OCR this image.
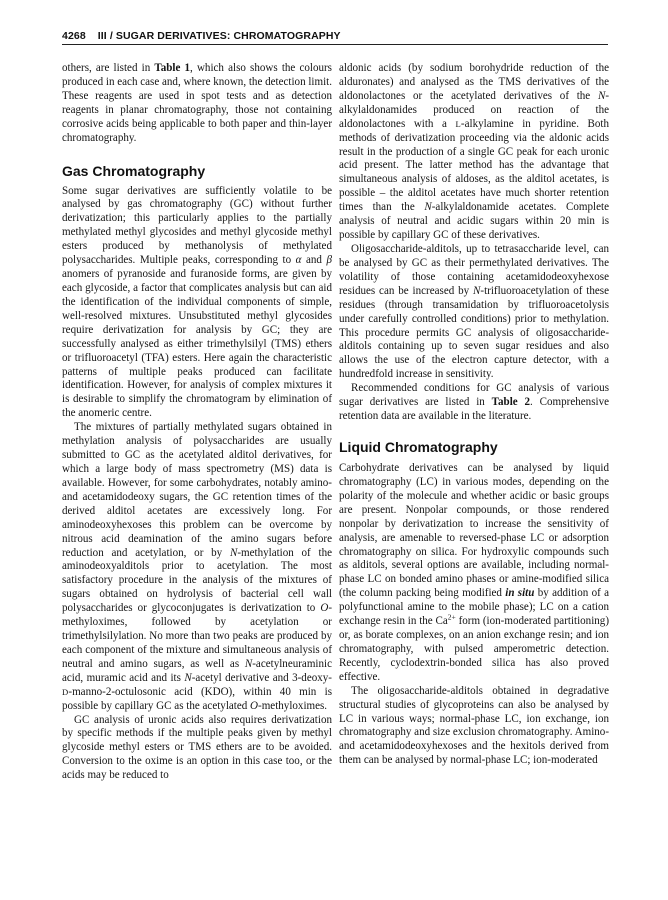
4268 III / SUGAR DERIVATIVES: CHROMATOGRAPHY

others, are listed in Table 1, which also shows the colours produced in each case and, where known, the detection limit. These reagents are used in spot tests and as detection reagents in planar chromatography, those not containing corrosive acids being applicable to both paper and thin-layer chromatography.

Gas Chromatography

Some sugar derivatives are sufficiently volatile to be analysed by gas chromatography (GC) without further derivatization; this particularly applies to the partially methylated methyl glycosides and methyl glycoside methyl esters produced by methanolysis of methylated polysaccharides. Multiple peaks, corresponding to α and β anomers of pyranoside and furanoside forms, are given by each glycoside, a factor that complicates analysis but can aid the identification of the individual components of simple, well-resolved mixtures. Unsubstituted methyl glycosides require derivatization for analysis by GC; they are successfully analysed as either trimethylsilyl (TMS) ethers or trifluoroacetyl (TFA) esters. Here again the characteristic patterns of multiple peaks produced can facilitate identification. However, for analysis of complex mixtures it is desirable to simplify the chromatogram by elimination of the anomeric centre.

The mixtures of partially methylated sugars obtained in methylation analysis of polysaccharides are usually submitted to GC as the acetylated alditol derivatives, for which a large body of mass spectrometry (MS) data is available. However, for some carbohydrates, notably amino- and acetamidodeoxy sugars, the GC retention times of the derived alditol acetates are excessively long. For aminodeoxyhexoses this problem can be overcome by nitrous acid deamination of the amino sugars before reduction and acetylation, or by N-methylation of the aminodeoxyalditols prior to acetylation. The most satisfactory procedure in the analysis of the mixtures of sugars obtained on hydrolysis of bacterial cell wall polysaccharides or glycoconjugates is derivatization to O-methyloximes, followed by acetylation or trimethylsilylation. No more than two peaks are produced by each component of the mixture and simultaneous analysis of neutral and amino sugars, as well as N-acetylneuraminic acid, muramic acid and its N-acetyl derivative and 3-deoxy-D-manno-2-octulosonic acid (KDO), within 40 min is possible by capillary GC as the acetylated O-methyloximes.

GC analysis of uronic acids also requires derivatization by specific methods if the multiple peaks given by methyl glycoside methyl esters or TMS ethers are to be avoided. Conversion to the oxime is an option in this case too, or the acids may be reduced to

aldonic acids (by sodium borohydride reduction of the alduronates) and analysed as the TMS derivatives of the aldonolactones or the acetylated derivatives of the N-alkylaldonamides produced on reaction of the aldonolactones with a L-alkylamine in pyridine. Both methods of derivatization proceeding via the aldonic acids result in the production of a single GC peak for each uronic acid present. The latter method has the advantage that simultaneous analysis of aldoses, as the alditol acetates, is possible – the alditol acetates have much shorter retention times than the N-alkylaldonamide acetates. Complete analysis of neutral and acidic sugars within 20 min is possible by capillary GC of these derivatives.

Oligosaccharide-alditols, up to tetrasaccharide level, can be analysed by GC as their permethylated derivatives. The volatility of those containing acetamidodeoxyhexose residues can be increased by N-trifluoroacetylation of these residues (through transamidation by trifluoroacetolysis under carefully controlled conditions) prior to methylation. This procedure permits GC analysis of oligosaccharide-alditols containing up to seven sugar residues and also allows the use of the electron capture detector, with a hundredfold increase in sensitivity.

Recommended conditions for GC analysis of various sugar derivatives are listed in Table 2. Comprehensive retention data are available in the literature.

Liquid Chromatography

Carbohydrate derivatives can be analysed by liquid chromatography (LC) in various modes, depending on the polarity of the molecule and whether acidic or basic groups are present. Nonpolar compounds, or those rendered nonpolar by derivatization to increase the sensitivity of analysis, are amenable to reversed-phase LC or adsorption chromatography on silica. For hydroxylic compounds such as alditols, several options are available, including normal-phase LC on bonded amino phases or amine-modified silica (the column packing being modified in situ by addition of a polyfunctional amine to the mobile phase); LC on a cation exchange resin in the $Ca^{2+}$ form (ion-moderated partitioning) or, as borate complexes, on an anion exchange resin; and ion chromatography, with pulsed amperometric detection. Recently, cyclodextrin-bonded silica has also proved effective.

The oligosaccharide-alditols obtained in degradative structural studies of glycoproteins can also be analysed by LC in various ways; normal-phase LC, ion exchange, ion chromatography and size exclusion chromatography. Amino- and acetamidodeoxyhexoses and the hexitols derived from them can be analysed by normal-phase LC; ion-moderated
